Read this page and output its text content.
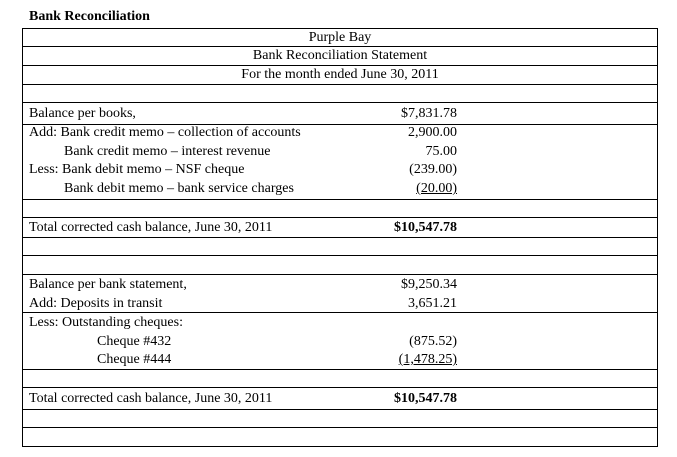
Bank Reconciliation
Purple Bay
Bank Reconciliation Statement
For the month ended June 30, 2011
Balance per books,	$7,831.78
Add: Bank credit memo – collection of accounts	2,900.00
Bank credit memo – interest revenue	75.00
Less: Bank debit memo – NSF cheque	(239.00)
Bank debit memo – bank service charges	(20.00)
Total corrected cash balance, June 30, 2011	$10,547.78
Balance per bank statement,	$9,250.34
Add: Deposits in transit	3,651.21
Less: Outstanding cheques:
Cheque #432	(875.52)
Cheque #444	(1,478.25)
Total corrected cash balance, June 30, 2011	$10,547.78
